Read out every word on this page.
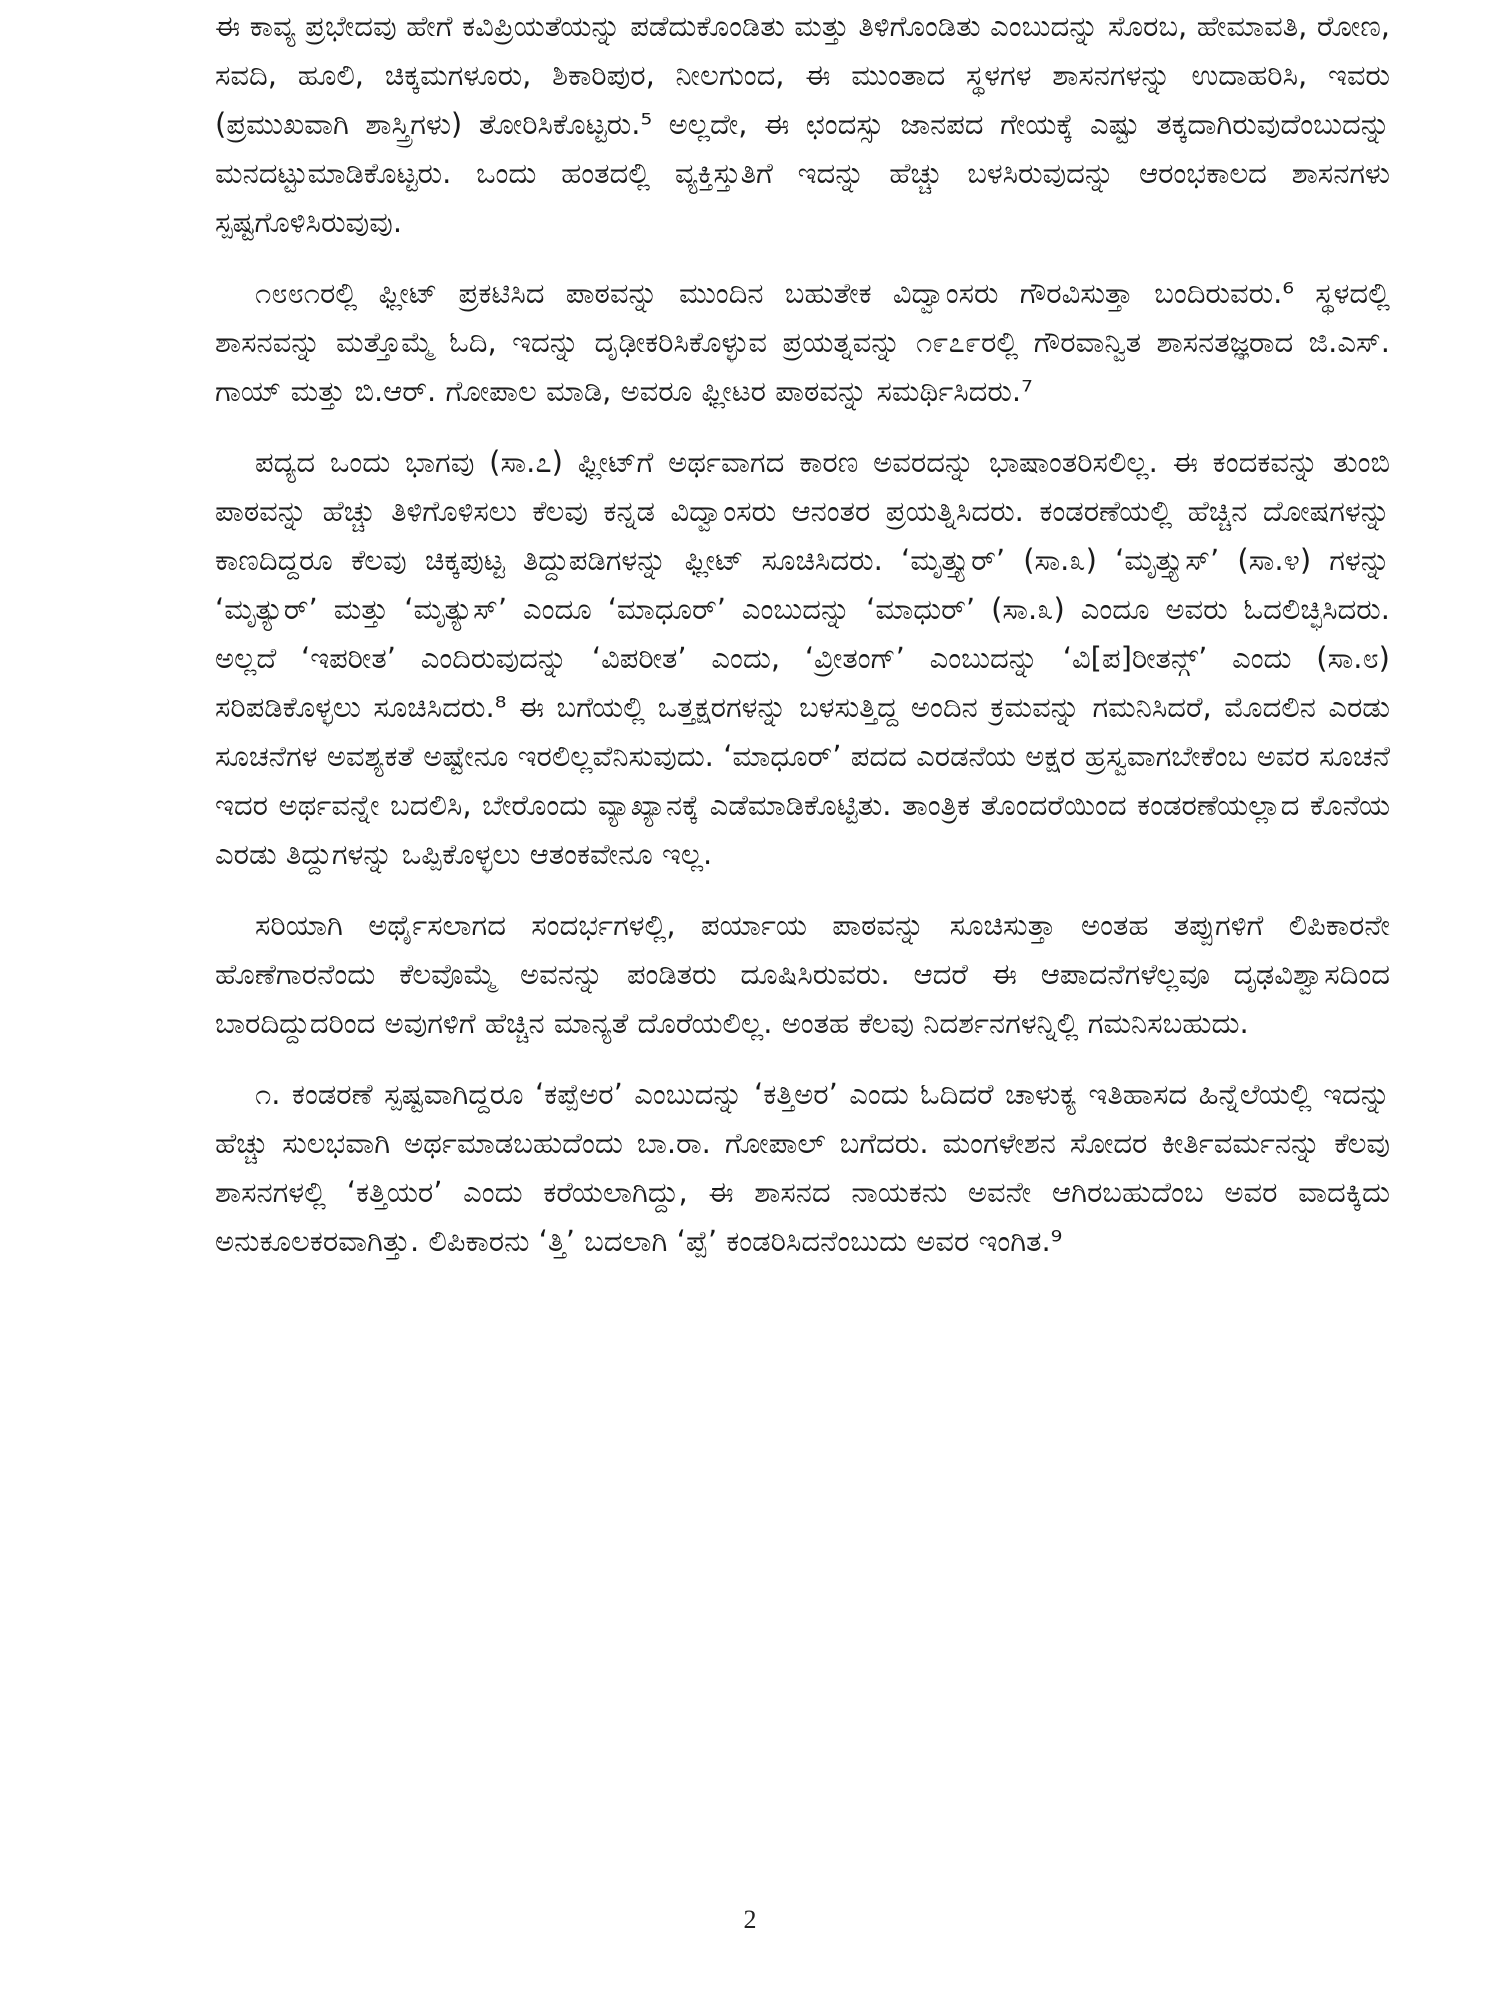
ಈ ಕಾವ್ಯ ಪ್ರಭೇದವು ಹೇಗೆ ಕವಿಪ್ರಿಯತೆಯನ್ನು ಪಡೆದುಕೊಂಡಿತು ಮತ್ತು ತಿಳಿಗೊಂಡಿತು ಎಂಬುದನ್ನು ಸೊರಬ, ಹೇಮಾವತಿ, ರೋಣ, ಸವದಿ, ಹೂಲಿ, ಚಿಕ್ಕಮಗಳೂರು, ಶಿಕಾರಿಪುರ, ನೀಲಗುಂದ, ಈ ಮುಂತಾದ ಸ್ಥಳಗಳ ಶಾಸನಗಳನ್ನು ಉದಾಹರಿಸಿ, ಇವರು (ಪ್ರಮುಖವಾಗಿ ಶಾಸ್ತ್ರಿಗಳು) ತೋರಿಸಿಕೊಟ್ಟರು.⁵ ಅಲ್ಲದೇ, ಈ ಛಂದಸ್ಸು ಜಾನಪದ ಗೇಯಕ್ಕೆ ಎಷ್ಟು ತಕ್ಕದಾಗಿರುವುದೆಂಬುದನ್ನು ಮನದಟ್ಟುಮಾಡಿಕೊಟ್ಟರು. ಒಂದು ಹಂತದಲ್ಲಿ ವ್ಯಕ್ತಿಸ್ತುತಿಗೆ ಇದನ್ನು ಹೆಚ್ಚು ಬಳಸಿರುವುದನ್ನು ಆರಂಭಕಾಲದ ಶಾಸನಗಳು ಸ್ಪಷ್ಟಗೊಳಿಸಿರುವುವು.

೧೮೮೧ರಲ್ಲಿ ಫ್ಲೀಟ್ ಪ್ರಕಟಿಸಿದ ಪಾಠವನ್ನು ಮುಂದಿನ ಬಹುತೇಕ ವಿದ್ವಾಂಸರು ಗೌರವಿಸುತ್ತಾ ಬಂದಿರುವರು.⁶ ಸ್ಥಳದಲ್ಲಿ ಶಾಸನವನ್ನು ಮತ್ತೊಮ್ಮೆ ಓದಿ, ಇದನ್ನು ದೃಢೀಕರಿಸಿಕೊಳ್ಳುವ ಪ್ರಯತ್ನವನ್ನು ೧೯೭೯ರಲ್ಲಿ ಗೌರವಾನ್ವಿತ ಶಾಸನತಜ್ಞರಾದ ಜಿ.ಎಸ್. ಗಾಯ್ ಮತ್ತು ಬಿ.ಆರ್. ಗೋಪಾಲ ಮಾಡಿ, ಅವರೂ ಫ್ಲೀಟರ ಪಾಠವನ್ನು ಸಮರ್ಥಿಸಿದರು.⁷

ಪದ್ಯದ ಒಂದು ಭಾಗವು (ಸಾ.೭) ಫ್ಲೀಟ್‌ಗೆ ಅರ್ಥವಾಗದ ಕಾರಣ ಅವರದನ್ನು ಭಾಷಾಂತರಿಸಲಿಲ್ಲ. ಈ ಕಂದಕವನ್ನು ತುಂಬಿ ಪಾಠವನ್ನು ಹೆಚ್ಚು ತಿಳಿಗೊಳಿಸಲು ಕೆಲವು ಕನ್ನಡ ವಿದ್ವಾಂಸರು ಆನಂತರ ಪ್ರಯತ್ನಿಸಿದರು. ಕಂಡರಣೆಯಲ್ಲಿ ಹೆಚ್ಚಿನ ದೋಷಗಳನ್ನು ಕಾಣದಿದ್ದರೂ ಕೆಲವು ಚಿಕ್ಕಪುಟ್ಟ ತಿದ್ದುಪಡಿಗಳನ್ನು ಫ್ಲೀಟ್ ಸೂಚಿಸಿದರು. ‘ಮೃತ್ತ್ಯುರ್’ (ಸಾ.೩) ‘ಮೃತ್ತ್ಯುಸ್’ (ಸಾ.೪) ಗಳನ್ನು ‘ಮೃತ್ಯುರ್’ ಮತ್ತು ‘ಮೃತ್ಯುಸ್’ ಎಂದೂ ‘ಮಾಧೂರ್’ ಎಂಬುದನ್ನು ‘ಮಾಧುರ್’ (ಸಾ.೩) ಎಂದೂ ಅವರು ಓದಲಿಚ್ಛಿಸಿದರು. ಅಲ್ಲದೆ ‘ಇಪರೀತ’ ಎಂದಿರುವುದನ್ನು ‘ವಿಪರೀತ’ ಎಂದು, ‘ವ್ರೀತಂಗ್’ ಎಂಬುದನ್ನು ‘ವಿ[ಪ]ರೀತನ್ಗ್’ ಎಂದು (ಸಾ.೮) ಸರಿಪಡಿಕೊಳ್ಳಲು ಸೂಚಿಸಿದರು.⁸ ಈ ಬಗೆಯಲ್ಲಿ ಒತ್ತಕ್ಷರಗಳನ್ನು ಬಳಸುತ್ತಿದ್ದ ಅಂದಿನ ಕ್ರಮವನ್ನು ಗಮನಿಸಿದರೆ, ಮೊದಲಿನ ಎರಡು ಸೂಚನೆಗಳ ಅವಶ್ಯಕತೆ ಅಷ್ಟೇನೂ ಇರಲಿಲ್ಲವೆನಿಸುವುದು. ‘ಮಾಧೂರ್’ ಪದದ ಎರಡನೆಯ ಅಕ್ಷರ ಹ್ರಸ್ವವಾಗಬೇಕೆಂಬ ಅವರ ಸೂಚನೆ ಇದರ ಅರ್ಥವನ್ನೇ ಬದಲಿಸಿ, ಬೇರೊಂದು ವ್ಯಾಖ್ಯಾನಕ್ಕೆ ಎಡೆಮಾಡಿಕೊಟ್ಟಿತು. ತಾಂತ್ರಿಕ ತೊಂದರೆಯಿಂದ ಕಂಡರಣೆಯಲ್ಲಾದ ಕೊನೆಯ ಎರಡು ತಿದ್ದುಗಳನ್ನು ಒಪ್ಪಿಕೊಳ್ಳಲು ಆತಂಕವೇನೂ ಇಲ್ಲ.

ಸರಿಯಾಗಿ ಅರ್ಥೈಸಲಾಗದ ಸಂದರ್ಭಗಳಲ್ಲಿ, ಪರ್ಯಾಯ ಪಾಠವನ್ನು ಸೂಚಿಸುತ್ತಾ ಅಂತಹ ತಪ್ಪುಗಳಿಗೆ ಲಿಪಿಕಾರನೇ ಹೊಣೆಗಾರನೆಂದು ಕೆಲವೊಮ್ಮೆ ಅವನನ್ನು ಪಂಡಿತರು ದೂಷಿಸಿರುವರು. ಆದರೆ ಈ ಆಪಾದನೆಗಳೆಲ್ಲವೂ ದೃಢವಿಶ್ವಾಸದಿಂದ ಬಾರದಿದ್ದುದರಿಂದ ಅವುಗಳಿಗೆ ಹೆಚ್ಚಿನ ಮಾನ್ಯತೆ ದೊರೆಯಲಿಲ್ಲ. ಅಂತಹ ಕೆಲವು ನಿದರ್ಶನಗಳನ್ನಿಲ್ಲಿ ಗಮನಿಸಬಹುದು.

೧. ಕಂಡರಣೆ ಸ್ಪಷ್ಟವಾಗಿದ್ದರೂ ‘ಕಪ್ಪೆಅರ’ ಎಂಬುದನ್ನು ‘ಕತ್ತಿಅರ’ ಎಂದು ಓದಿದರೆ ಚಾಳುಕ್ಯ ಇತಿಹಾಸದ ಹಿನ್ನೆಲೆಯಲ್ಲಿ ಇದನ್ನು ಹೆಚ್ಚು ಸುಲಭವಾಗಿ ಅರ್ಥಮಾಡಬಹುದೆಂದು ಬಾ.ರಾ. ಗೋಪಾಲ್ ಬಗೆದರು. ಮಂಗಳೇಶನ ಸೋದರ ಕೀರ್ತಿವರ್ಮನನ್ನು ಕೆಲವು ಶಾಸನಗಳಲ್ಲಿ ‘ಕತ್ತಿಯರ’ ಎಂದು ಕರೆಯಲಾಗಿದ್ದು, ಈ ಶಾಸನದ ನಾಯಕನು ಅವನೇ ಆಗಿರಬಹುದೆಂಬ ಅವರ ವಾದಕ್ಕಿದು ಅನುಕೂಲಕರವಾಗಿತ್ತು. ಲಿಪಿಕಾರನು ‘ತ್ತಿ’ ಬದಲಾಗಿ ‘ಪ್ಪೆ’ ಕಂಡರಿಸಿದನೆಂಬುದು ಅವರ ಇಂಗಿತ.⁹

2
